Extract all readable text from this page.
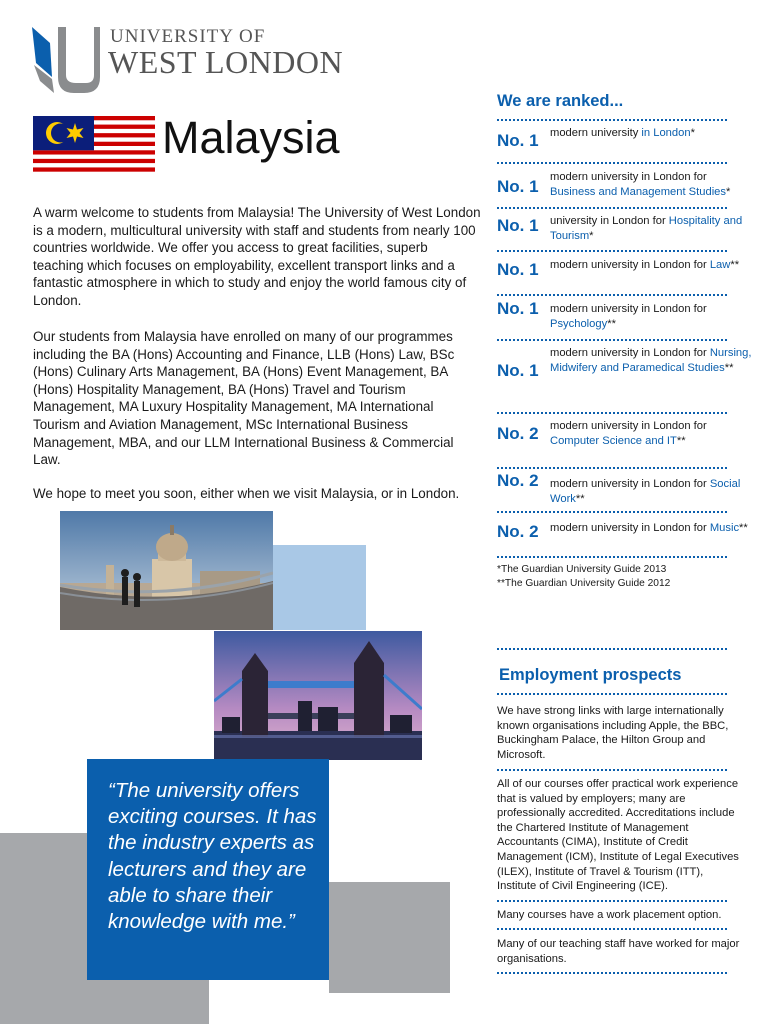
UNIVERSITY OF
WEST LONDON
Malaysia

A warm welcome to students from Malaysia! The University of West London is a modern, multicultural university with staff and students from nearly 100 countries worldwide. We offer you access to great facilities, superb teaching which focuses on employability, excellent transport links and a fantastic atmosphere in which to study and enjoy the world famous city of London.

Our students from Malaysia have enrolled on many of our programmes including the BA (Hons) Accounting and Finance, LLB (Hons) Law, BSc (Hons) Culinary Arts Management, BA (Hons) Event Management, BA (Hons) Hospitality Management, BA (Hons) Travel and Tourism Management, MA Luxury Hospitality Management, MA International Tourism and Aviation Management, MSc International Business Management, MBA, and our LLM International Business & Commercial Law.

We hope to meet you soon, either when we visit Malaysia, or in London.

“The university offers exciting courses. It has the industry experts as lecturers and they are able to share their knowledge with me.”

We are ranked...
No. 1 modern university in London*
No. 1 modern university in London for Business and Management Studies*
No. 1 university in London for Hospitality and Tourism*
No. 1 modern university in London for Law**
No. 1 modern university in London for Psychology**
No. 1
modern university in London for Nursing, Midwifery and Paramedical Studies**
No. 2 modern university in London for Computer Science and IT**
No. 2 modern university in London for Social Work**
No. 2 modern university in London for Music**
*The Guardian University Guide 2013
**The Guardian University Guide 2012
Employment prospects

We have strong links with large internationally known organisations including Apple, the BBC, Buckingham Palace, the Hilton Group and Microsoft.

All of our courses offer practical work experience that is valued by employers; many are professionally accredited. Accreditations include the Chartered Institute of Management Accountants (CIMA), Institute of Credit Management (ICM), Institute of Legal Executives (ILEX), Institute of Travel & Tourism (ITT), Institute of Civil Engineering (ICE).

Many courses have a work placement option.

Many of our teaching staff have worked for major organisations.
